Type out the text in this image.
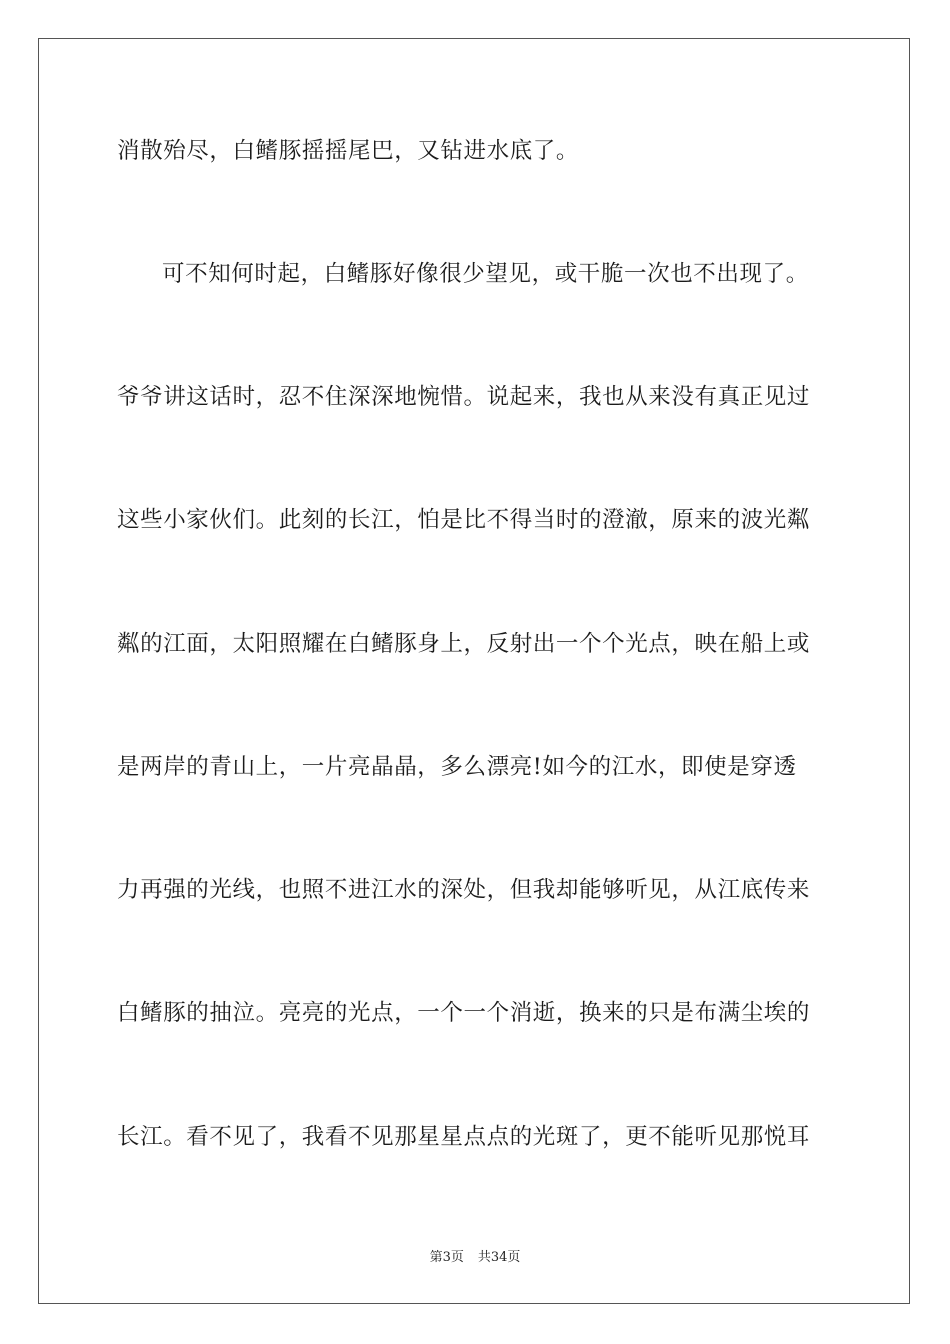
消散殆尽，白鳍豚摇摇尾巴，又钻进水底了。
可不知何时起，白鳍豚好像很少望见，或干脆一次也不出现了。
爷爷讲这话时，忍不住深深地惋惜。说起来，我也从来没有真正见过
这些小家伙们。此刻的长江，怕是比不得当时的澄澈，原来的波光粼
粼的江面，太阳照耀在白鳍豚身上，反射出一个个光点，映在船上或
是两岸的青山上，一片亮晶晶，多么漂亮!如今的江水，即使是穿透
力再强的光线，也照不进江水的深处，但我却能够听见，从江底传来
白鳍豚的抽泣。亮亮的光点，一个一个消逝，换来的只是布满尘埃的
长江。看不见了，我看不见那星星点点的光斑了，更不能听见那悦耳
第3页 共34页
